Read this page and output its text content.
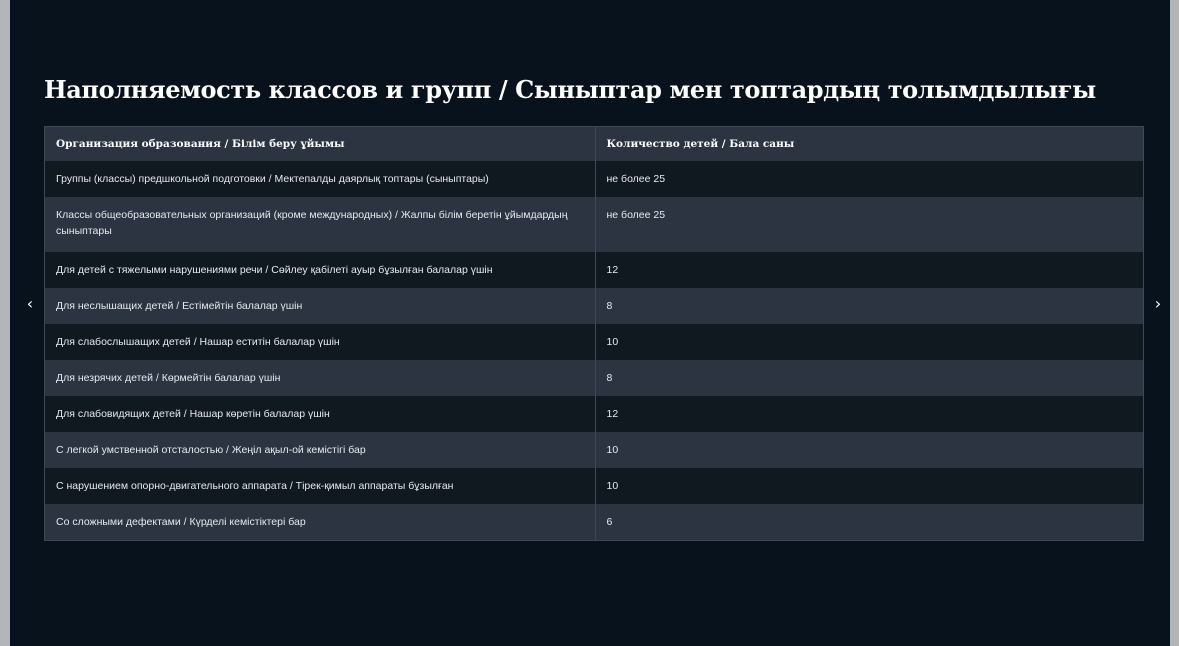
Наполняемость классов и групп / Сыныптар мен топтардың толымдылығы
Организация образования / Білім беру ұйымы	Количество детей / Бала саны
Группы (классы) предшкольной подготовки / Мектепалды даярлық топтары (сыныптары)	не более 25
Классы общеобразовательных организаций (кроме международных) / Жалпы білім беретін ұйымдардың сыныптары	не более 25
Для детей с тяжелыми нарушениями речи / Сөйлеу қабілеті ауыр бұзылған балалар үшін	12
Для неслышащих детей / Естімейтін балалар үшін	8
Для слабослышащих детей / Нашар еститін балалар үшін	10
Для незрячих детей / Көрмейтін балалар үшін	8
Для слабовидящих детей / Нашар көретін балалар үшін	12
С легкой умственной отсталостью / Жеңіл ақыл-ой кемістігі бар	10
С нарушением опорно-двигательного аппарата / Тірек-қимыл аппараты бұзылған	10
Со сложными дефектами / Күрделі кемістіктері бар	6
‹	›
